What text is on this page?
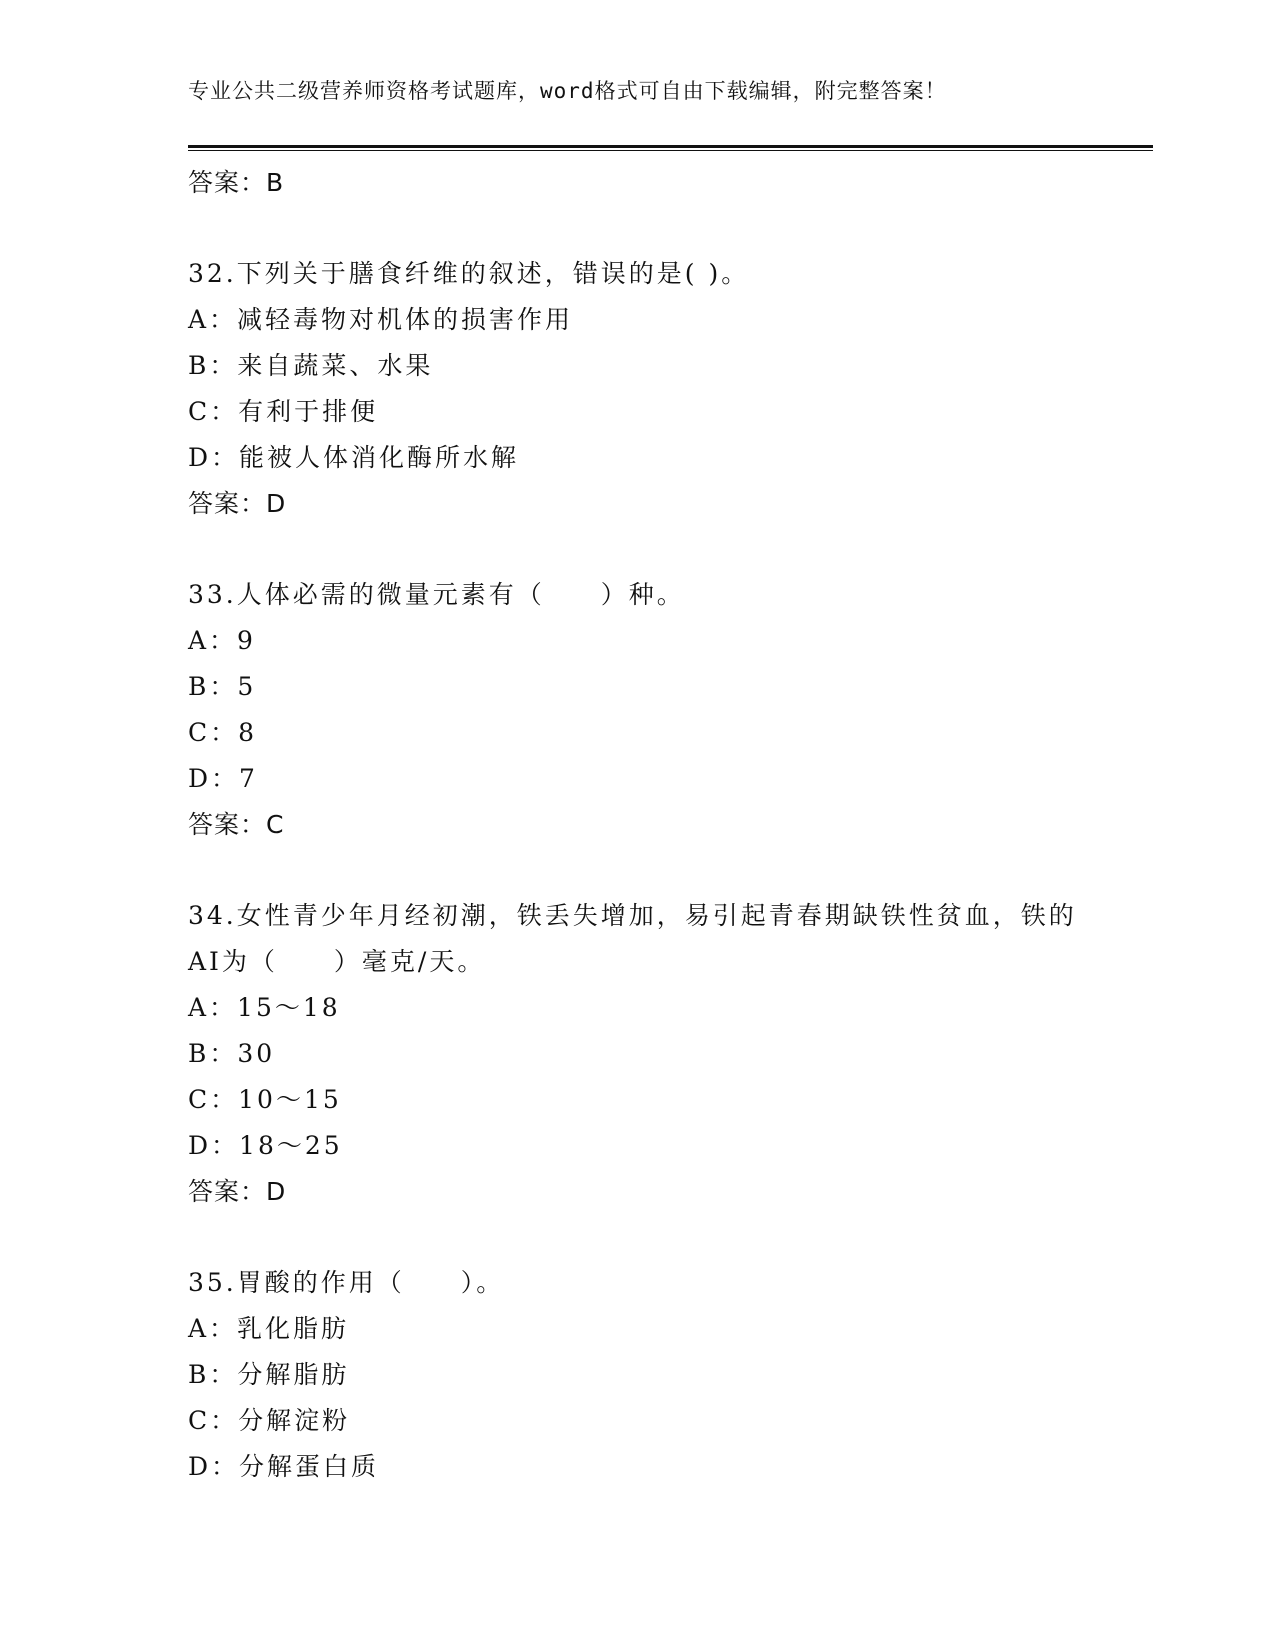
专业公共二级营养师资格考试题库，word格式可自由下载编辑，附完整答案！
答案：B
32.下列关于膳食纤维的叙述，错误的是( )。
A：减轻毒物对机体的损害作用
B：来自蔬菜、水果
C：有利于排便
D：能被人体消化酶所水解
答案：D
33.人体必需的微量元素有（　　）种。
A：9
B：5
C：8
D：7
答案：C
34.女性青少年月经初潮，铁丢失增加，易引起青春期缺铁性贫血，铁的AI为（　　）毫克/天。
A：15～18
B：30
C：10～15
D：18～25
答案：D
35.胃酸的作用（　　）。
A：乳化脂肪
B：分解脂肪
C：分解淀粉
D：分解蛋白质
